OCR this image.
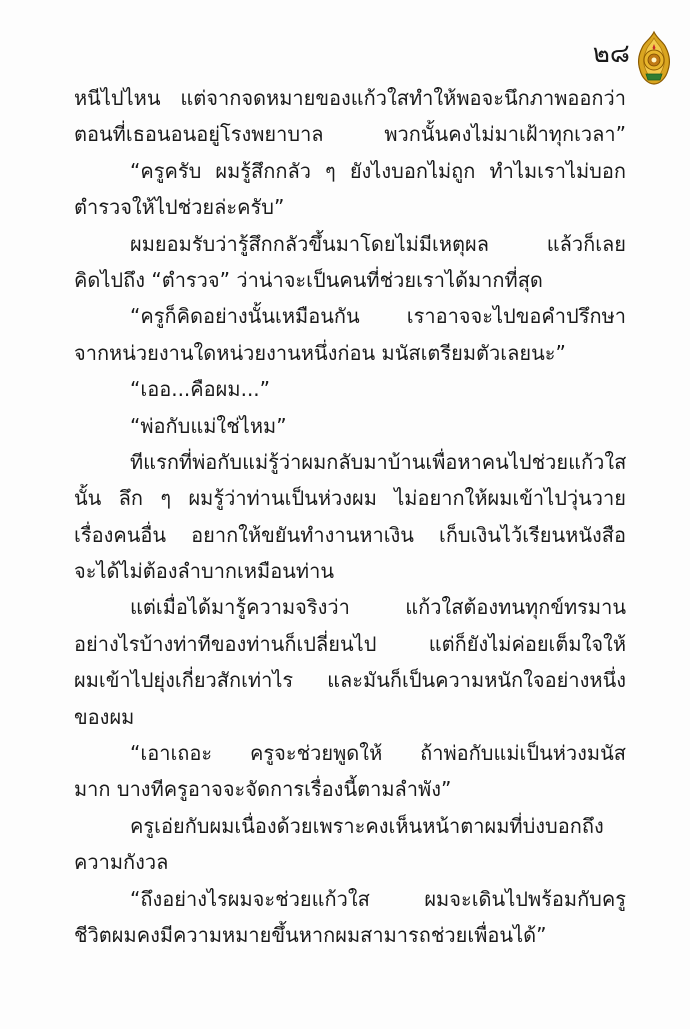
๒๘
หนีไปไหน แต่จากจดหมายของแก้วใสทำให้พอจะนึกภาพออกว่า
ตอนที่เธอนอนอยู่โรงพยาบาล พวกนั้นคงไม่มาเฝ้าทุกเวลา”
“ครูครับ ผมรู้สึกกลัว ๆ ยังไงบอกไม่ถูก ทำไมเราไม่บอก
ตำรวจให้ไปช่วยล่ะครับ”
ผมยอมรับว่ารู้สึกกลัวขึ้นมาโดยไม่มีเหตุผล แล้วก็เลย
คิดไปถึง “ตำรวจ” ว่าน่าจะเป็นคนที่ช่วยเราได้มากที่สุด
“ครูก็คิดอย่างนั้นเหมือนกัน เราอาจจะไปขอคำปรึกษา
จากหน่วยงานใดหน่วยงานหนึ่งก่อน มนัสเตรียมตัวเลยนะ”
“เออ...คือผม...”
“พ่อกับแม่ใช่ไหม”
ทีแรกที่พ่อกับแม่รู้ว่าผมกลับมาบ้านเพื่อหาคนไปช่วยแก้วใส
นั้น ลึก ๆ ผมรู้ว่าท่านเป็นห่วงผม ไม่อยากให้ผมเข้าไปวุ่นวาย
เรื่องคนอื่น อยากให้ขยันทำงานหาเงิน เก็บเงินไว้เรียนหนังสือ
จะได้ไม่ต้องลำบากเหมือนท่าน
แต่เมื่อได้มารู้ความจริงว่า แก้วใสต้องทนทุกข์ทรมาน
อย่างไรบ้างท่าทีของท่านก็เปลี่ยนไป แต่ก็ยังไม่ค่อยเต็มใจให้
ผมเข้าไปยุ่งเกี่ยวสักเท่าไร และมันก็เป็นความหนักใจอย่างหนึ่ง
ของผม
“เอาเถอะ ครูจะช่วยพูดให้ ถ้าพ่อกับแม่เป็นห่วงมนัส
มาก บางทีครูอาจจะจัดการเรื่องนี้ตามลำพัง”
ครูเอ่ยกับผมเนื่องด้วยเพราะคงเห็นหน้าตาผมที่บ่งบอกถึง
ความกังวล
“ถึงอย่างไรผมจะช่วยแก้วใส ผมจะเดินไปพร้อมกับครู
ชีวิตผมคงมีความหมายขึ้นหากผมสามารถช่วยเพื่อนได้”
